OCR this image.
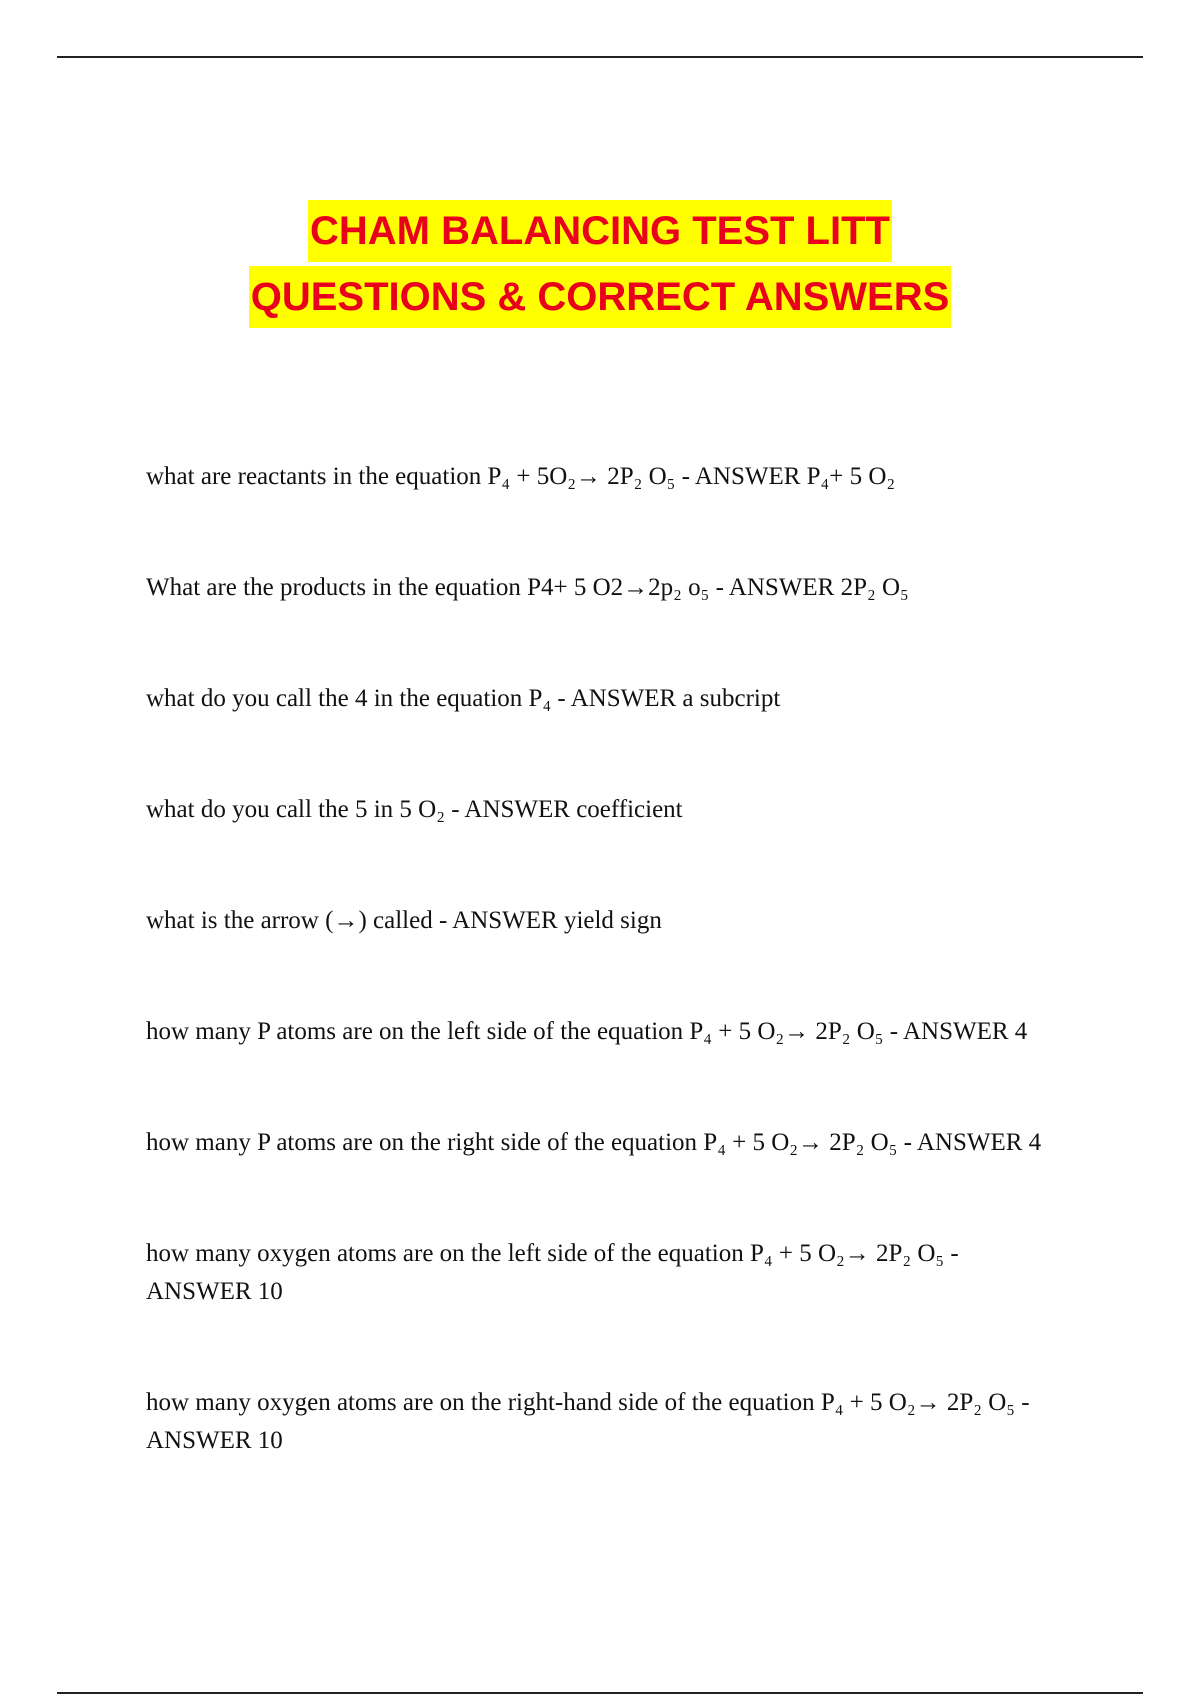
CHAM BALANCING TEST LITT
QUESTIONS & CORRECT ANSWERS

what are reactants in the equation P₄ + 5O₂→ 2P₂ O₅ - ANSWER P₄+ 5 O₂

What are the products in the equation P4+ 5 O2→2p₂ o₅ - ANSWER 2P₂ O₅

what do you call the 4 in the equation P₄ - ANSWER a subcript

what do you call the 5 in 5 O₂ - ANSWER coefficient

what is the arrow (→) called - ANSWER yield sign

how many P atoms are on the left side of the equation P₄ + 5 O₂→ 2P₂ O₅ - ANSWER 4

how many P atoms are on the right side of the equation P₄ + 5 O₂→ 2P₂ O₅ - ANSWER 4

how many oxygen atoms are on the left side of the equation P₄ + 5 O₂→ 2P₂ O₅ - ANSWER 10

how many oxygen atoms are on the right-hand side of the equation P₄ + 5 O₂→ 2P₂ O₅ - ANSWER 10
